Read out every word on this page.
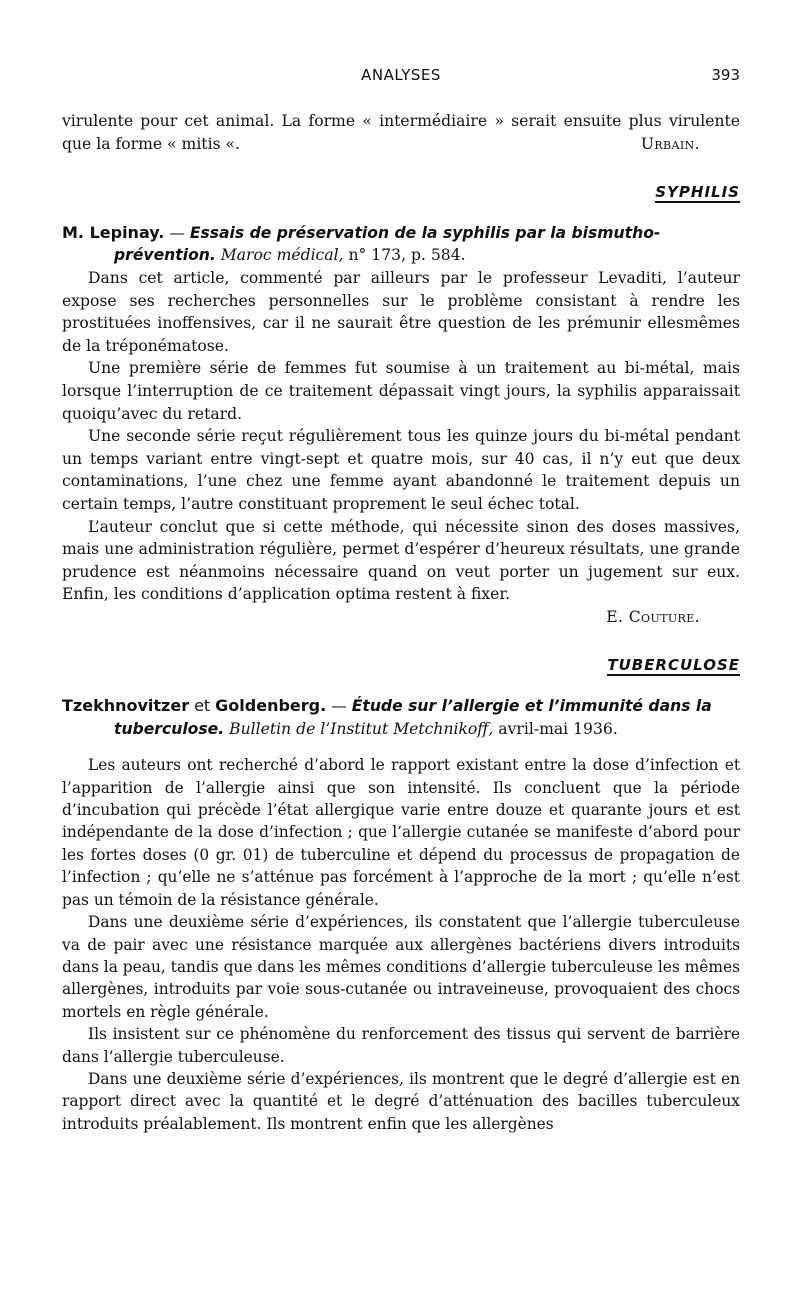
ANALYSES	393

virulente pour cet animal. La forme « intermédiaire » serait ensuite plus virulente que la forme « mitis «.	Urbain.

SYPHILIS

M. Lepinay. — Essais de préservation de la syphilis par la bismutho-prévention. Maroc médical, n° 173, p. 584.

Dans cet article, commenté par ailleurs par le professeur Levaditi, l’auteur expose ses recherches personnelles sur le problème consistant à rendre les prostituées inoffensives, car il ne saurait être question de les prémunir ellesmêmes de la tréponématose.

Une première série de femmes fut soumise à un traitement au bi-métal, mais lorsque l’interruption de ce traitement dépassait vingt jours, la syphilis apparaissait quoiqu’avec du retard.

Une seconde série reçut régulièrement tous les quinze jours du bi-métal pendant un temps variant entre vingt-sept et quatre mois, sur 40 cas, il n’y eut que deux contaminations, l’une chez une femme ayant abandonné le traitement depuis un certain temps, l’autre constituant proprement le seul échec total.

L’auteur conclut que si cette méthode, qui nécessite sinon des doses massives, mais une administration régulière, permet d’espérer d’heureux résultats, une grande prudence est néanmoins nécessaire quand on veut porter un jugement sur eux. Enfin, les conditions d’application optima restent à fixer.

E. Couture.

TUBERCULOSE

Tzekhnovitzer et Goldenberg. — Étude sur l’allergie et l’immunité dans la tuberculose. Bulletin de l’Institut Metchnikoff, avril-mai 1936.

Les auteurs ont recherché d’abord le rapport existant entre la dose d’infection et l’apparition de l’allergie ainsi que son intensité. Ils concluent que la période d’incubation qui précède l’état allergique varie entre douze et quarante jours et est indépendante de la dose d’infection ; que l’allergie cutanée se manifeste d’abord pour les fortes doses (0 gr. 01) de tuberculine et dépend du processus de propagation de l’infection ; qu’elle ne s’atténue pas forcément à l’approche de la mort ; qu’elle n’est pas un témoin de la résistance générale.

Dans une deuxième série d’expériences, ils constatent que l’allergie tuberculeuse va de pair avec une résistance marquée aux allergènes bactériens divers introduits dans la peau, tandis que dans les mêmes conditions d’allergie tuberculeuse les mêmes allergènes, introduits par voie sous-cutanée ou intraveineuse, provoquaient des chocs mortels en règle générale.

Ils insistent sur ce phénomène du renforcement des tissus qui servent de barrière dans l’allergie tuberculeuse.

Dans une deuxième série d’expériences, ils montrent que le degré d’allergie est en rapport direct avec la quantité et le degré d’atténuation des bacilles tuberculeux introduits préalablement. Ils montrent enfin que les allergènes
